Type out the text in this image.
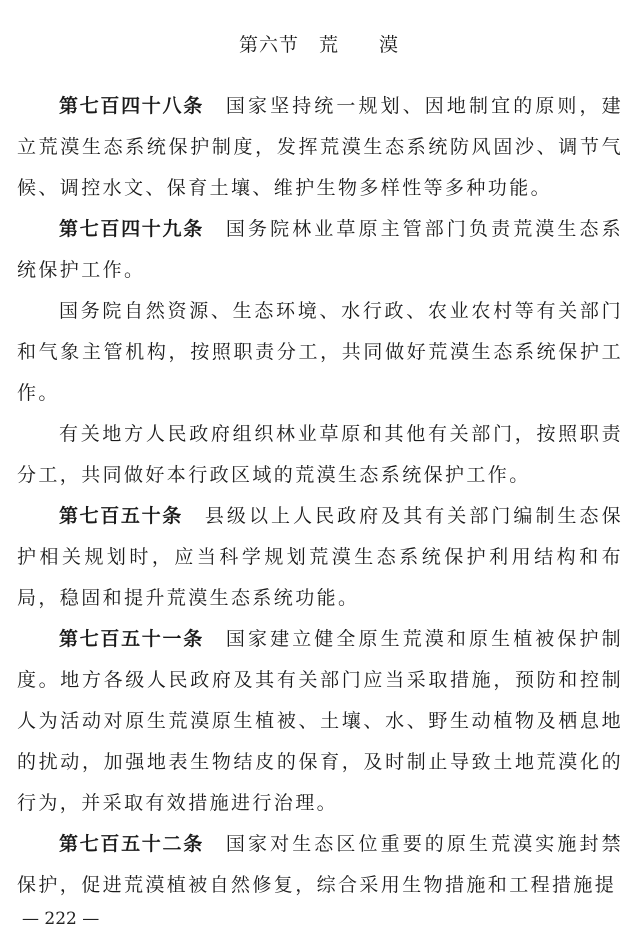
第六节　荒　　漠

第七百四十八条 国家坚持统一规划、因地制宜的原则，建立荒漠生态系统保护制度，发挥荒漠生态系统防风固沙、调节气候、调控水文、保育土壤、维护生物多样性等多种功能。

第七百四十九条 国务院林业草原主管部门负责荒漠生态系统保护工作。

国务院自然资源、生态环境、水行政、农业农村等有关部门和气象主管机构，按照职责分工，共同做好荒漠生态系统保护工作。

有关地方人民政府组织林业草原和其他有关部门，按照职责分工，共同做好本行政区域的荒漠生态系统保护工作。

第七百五十条 县级以上人民政府及其有关部门编制生态保护相关规划时，应当科学规划荒漠生态系统保护利用结构和布局，稳固和提升荒漠生态系统功能。

第七百五十一条 国家建立健全原生荒漠和原生植被保护制度。地方各级人民政府及其有关部门应当采取措施，预防和控制人为活动对原生荒漠原生植被、土壤、水、野生动植物及栖息地的扰动，加强地表生物结皮的保育，及时制止导致土地荒漠化的行为，并采取有效措施进行治理。

第七百五十二条 国家对生态区位重要的原生荒漠实施封禁保护，促进荒漠植被自然修复，综合采用生物措施和工程措施提

— 222 —
